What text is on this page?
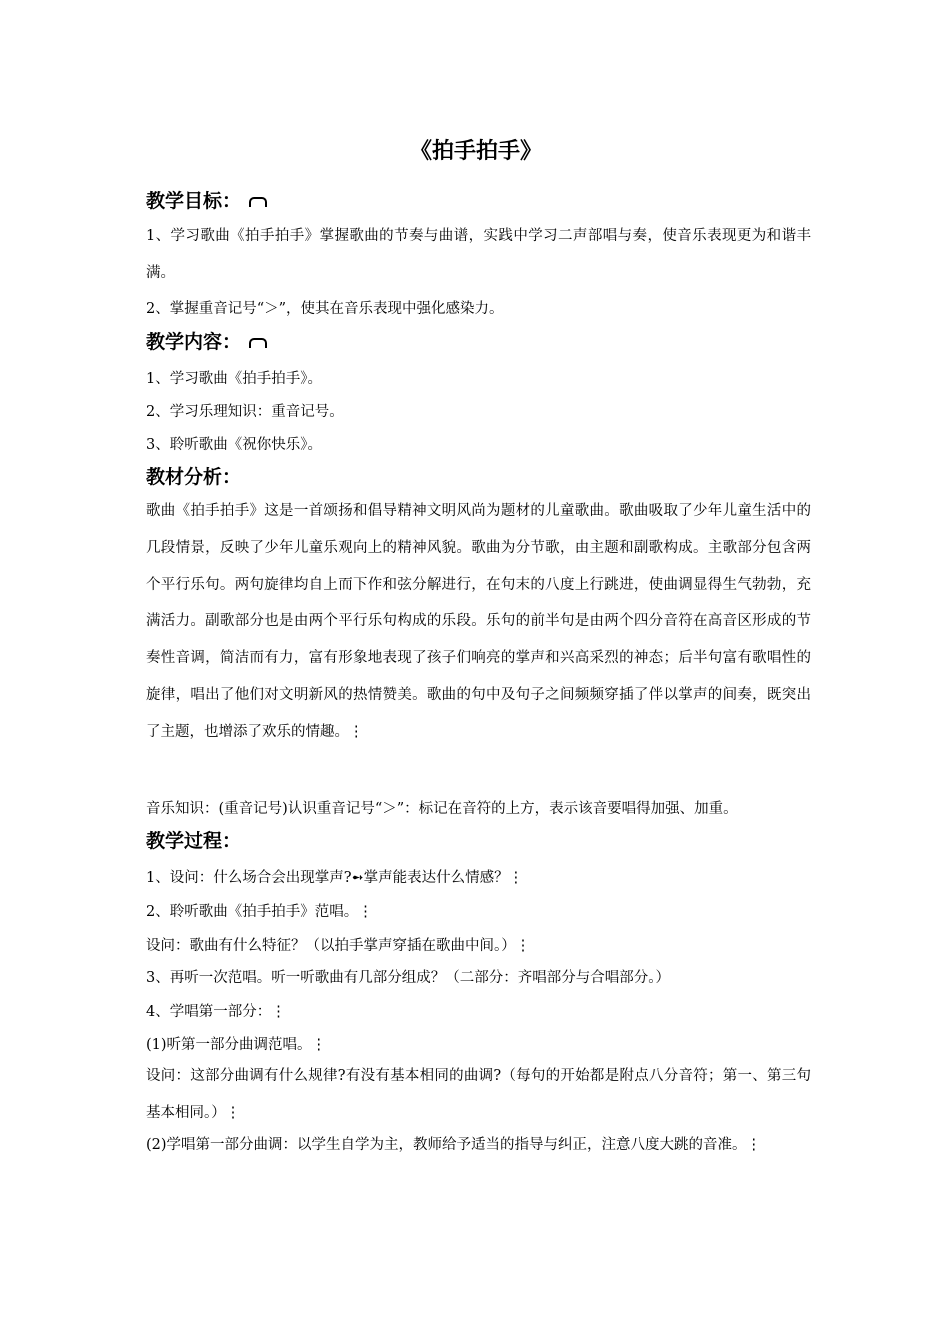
《拍手拍手》
教学目标：
1、学习歌曲《拍手拍手》掌握歌曲的节奏与曲谱，实践中学习二声部唱与奏，使音乐表现更为和谐丰满。
2、掌握重音记号“＞”，使其在音乐表现中强化感染力。
教学内容：
1、学习歌曲《拍手拍手》。
2、学习乐理知识：重音记号。
3、聆听歌曲《祝你快乐》。
教材分析：
歌曲《拍手拍手》这是一首颂扬和倡导精神文明风尚为题材的儿童歌曲。歌曲吸取了少年儿童生活中的几段情景，反映了少年儿童乐观向上的精神风貌。歌曲为分节歌，由主题和副歌构成。主歌部分包含两个平行乐句。两句旋律均自上而下作和弦分解进行，在句末的八度上行跳进，使曲调显得生气勃勃，充满活力。副歌部分也是由两个平行乐句构成的乐段。乐句的前半句是由两个四分音符在高音区形成的节奏性音调，简洁而有力，富有形象地表现了孩子们响亮的掌声和兴高采烈的神态；后半句富有歌唱性的旋律，唱出了他们对文明新风的热情赞美。歌曲的句中及句子之间频频穿插了伴以掌声的间奏，既突出了主题，也增添了欢乐的情趣。⋮
音乐知识：(重音记号)认识重音记号“＞”：标记在音符的上方，表示该音要唱得加强、加重。
教学过程：
1、设问：什么场合会出现掌声?➻掌声能表达什么情感？⋮
2、聆听歌曲《拍手拍手》范唱。⋮
设问：歌曲有什么特征？（以拍手掌声穿插在歌曲中间。）⋮
3、再听一次范唱。听一听歌曲有几部分组成？（二部分：齐唱部分与合唱部分。）
4、学唱第一部分：⋮
(1)听第一部分曲调范唱。⋮
设问：这部分曲调有什么规律?有没有基本相同的曲调?（每句的开始都是附点八分音符；第一、第三句基本相同。）⋮
(2)学唱第一部分曲调：以学生自学为主，教师给予适当的指导与纠正，注意八度大跳的音准。⋮
